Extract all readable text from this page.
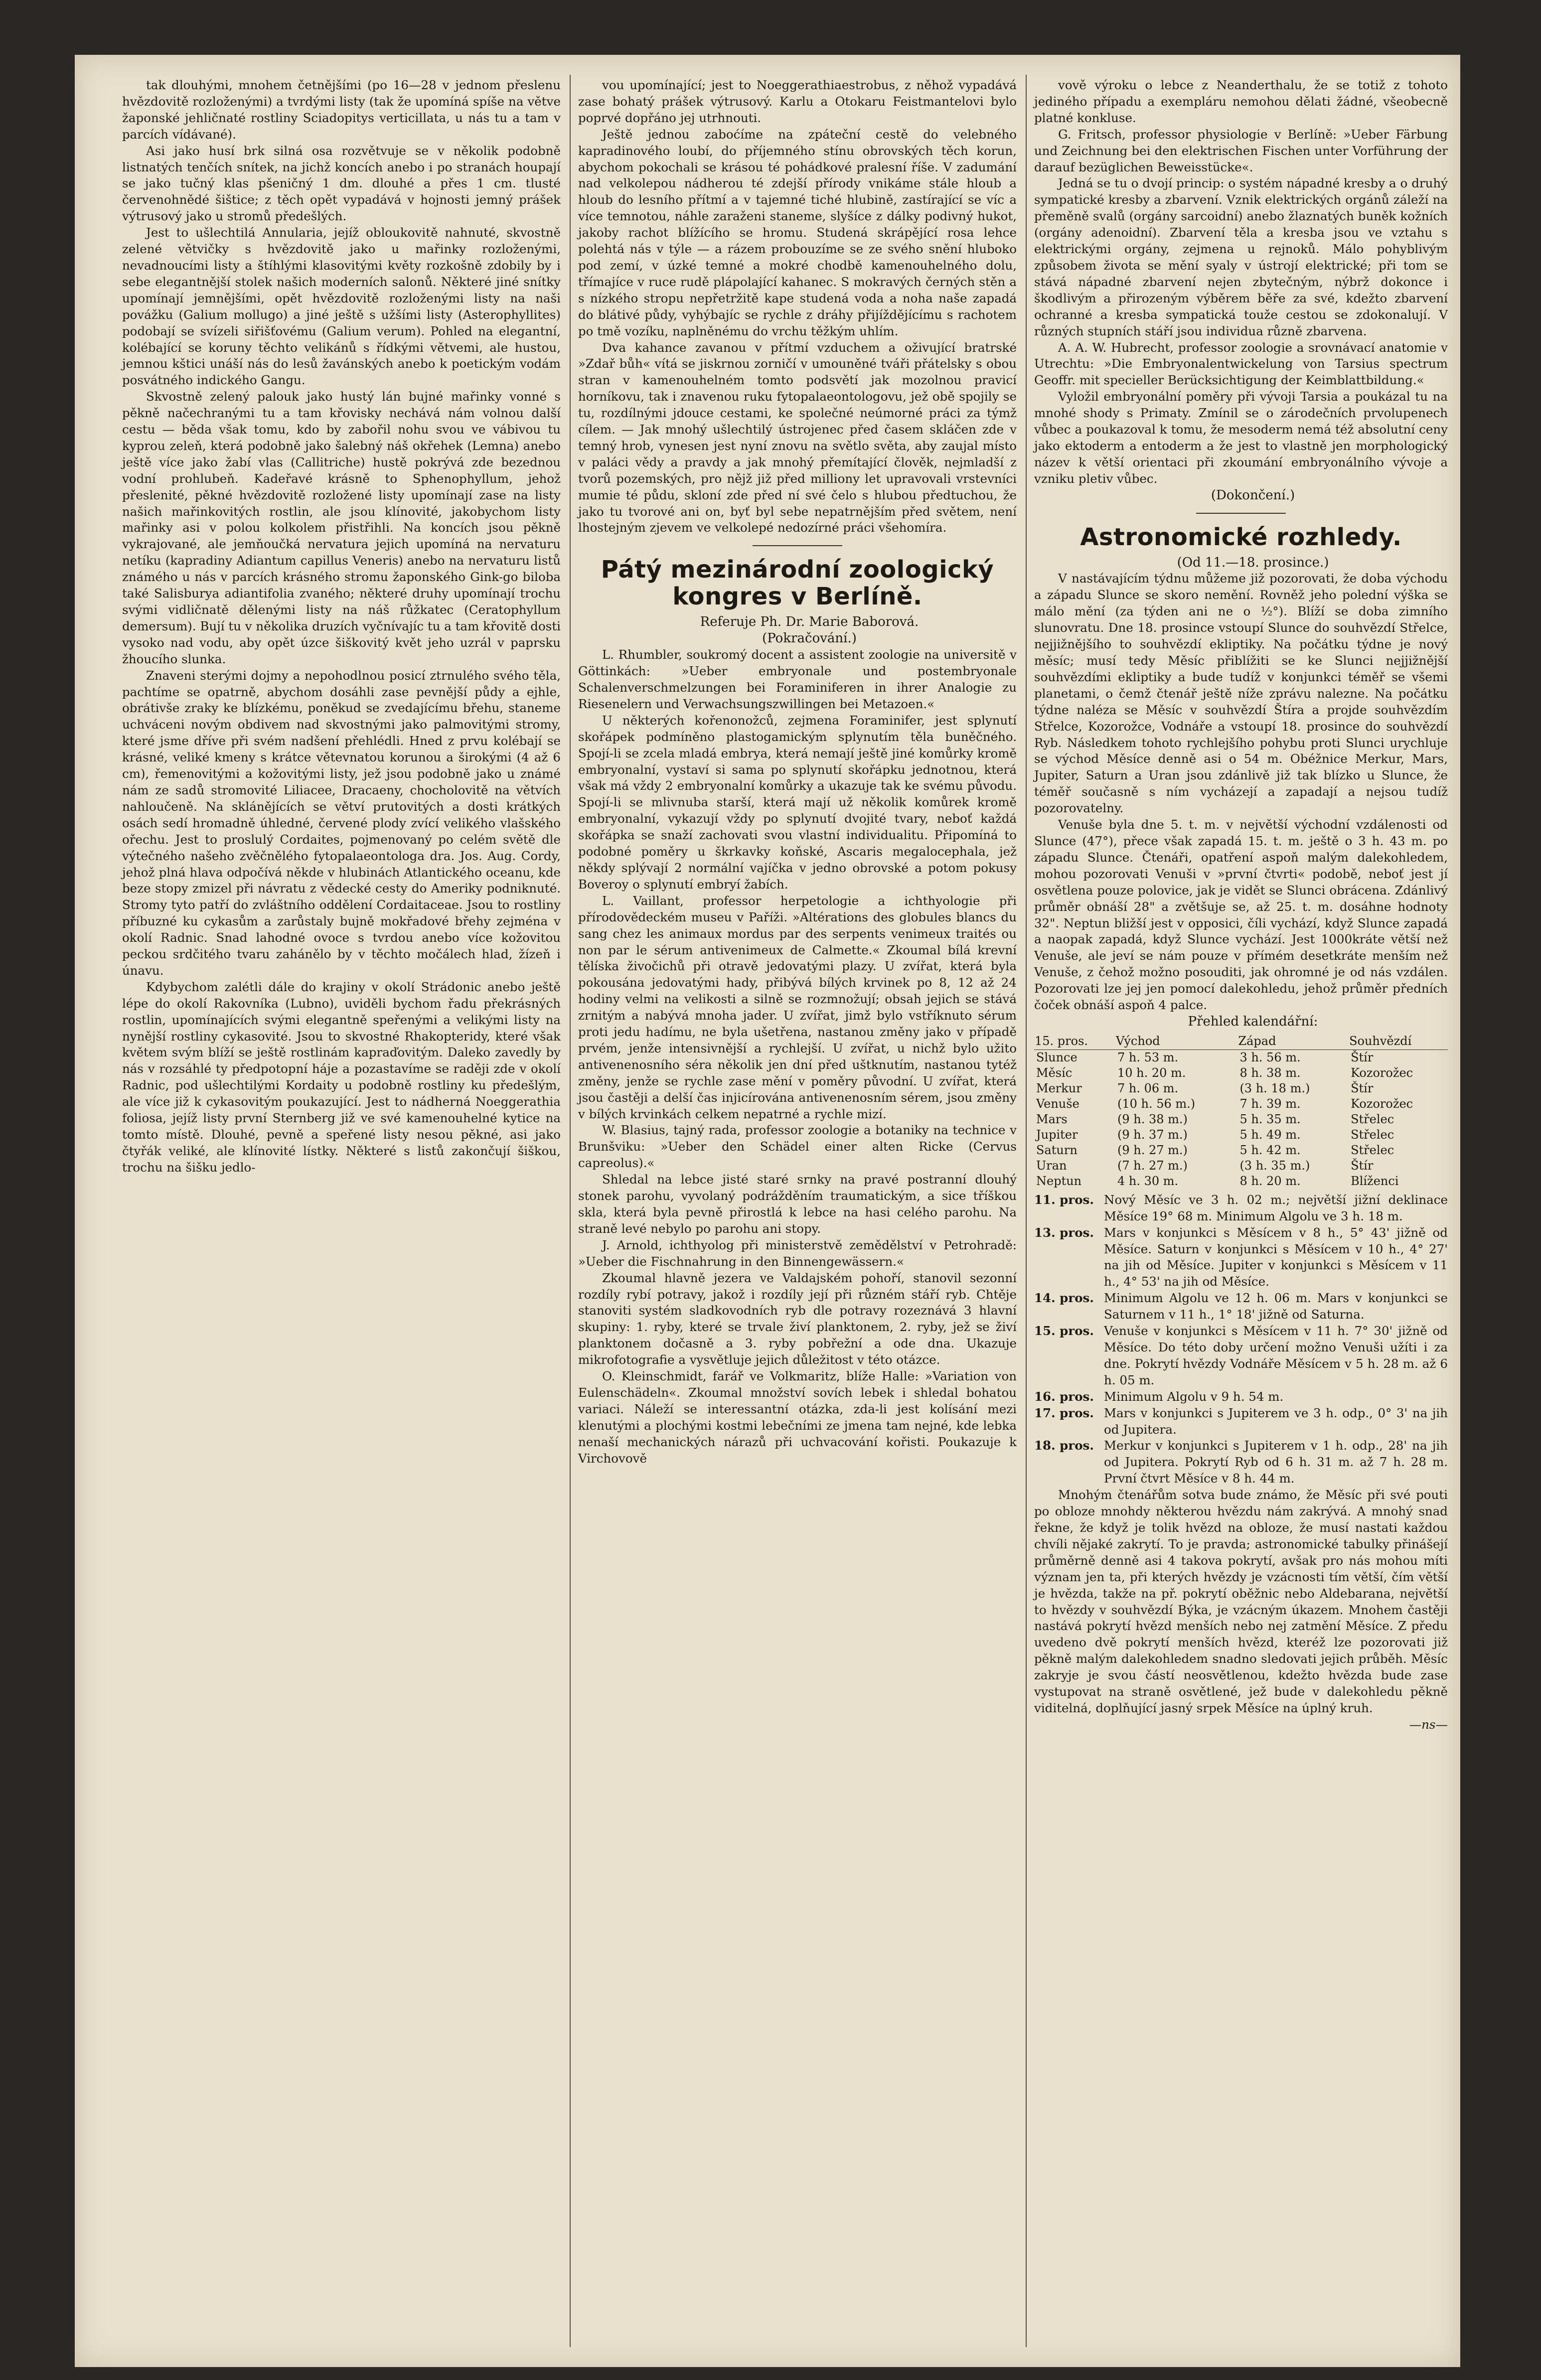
tak dlouhými, mnohem četnějšími (po 16—28 v jednom přeslenu hvězdovitě rozloženými) a tvrdými listy (tak že upomíná spíše na větve žaponské jehličnaté rostliny Sciadopitys verticillata, u nás tu a tam v parcích vídávané).

Asi jako husí brk silná osa rozvětvuje se v několik podobně listnatých tenčích snítek, na jichž koncích anebo i po stranách houpají se jako tučný klas pšeničný 1 dm. dlouhé a přes 1 cm. tlusté červenohnědé šištice; z těch opět vypadává v hojnosti jemný prášek výtrusový jako u stromů předešlých.

Jest to ušlechtilá Annularia, jejíž obloukovitě nahnuté, skvostně zelené větvičky s hvězdovitě jako u mařinky rozloženými, nevadnoucími listy a štíhlými klasovitými květy rozkošně zdobily by i sebe elegantnější stolek našich moderních salonů. Některé jiné snítky upomínají jemnějšími, opět hvězdovitě rozloženými listy na naši povážku (Galium mollugo) a jiné ještě s užšími listy (Asterophyllites) podobají se svízeli siřišťovému (Galium verum). Pohled na elegantní, kolébající se koruny těchto velikánů s řídkými větvemi, ale hustou, jemnou kštici unáší nás do lesů žavánských anebo k poetickým vodám posvátného indického Gangu.

Skvostně zelený palouk jako hustý lán bujné mařinky vonné s pěkně načechranými tu a tam křovisky nechává nám volnou další cestu — běda však tomu, kdo by zabořil nohu svou ve vábivou tu kyprou zeleň, která podobně jako šalebný náš okřehek (Lemna) anebo ještě více jako žabí vlas (Callitriche) hustě pokrývá zde bezednou vodní prohlubeň. Kadeřavé krásně to Sphenophyllum, jehož přeslenité, pěkné hvězdovitě rozložené listy upomínají zase na listy našich mařinkovitých rostlin, ale jsou klínovité, jakobychom listy mařinky asi v polou kolkolem přistřihli. Na koncích jsou pěkně vykrajované, ale jemňoučká nervatura jejich upomíná na nervaturu netíku (kapradiny Adiantum capillus Veneris) anebo na nervaturu listů známého u nás v parcích krásného stromu žaponského Gink-go biloba také Salisburya adiantifolia zvaného; některé druhy upomínají trochu svými vidličnatě dělenými listy na náš růžkatec (Ceratophyllum demersum). Bují tu v několika druzích vyčnívajíc tu a tam křovitě dosti vysoko nad vodu, aby opět úzce šiškovitý květ jeho uzrál v paprsku žhoucího slunka.

Znaveni sterými dojmy a nepohodlnou posicí ztrnulého svého těla, pachtíme se opatrně, abychom dosáhli zase pevnější půdy a ejhle, obrátivše zraky ke blízkému, poněkud se zvedajícímu břehu, staneme uchváceni novým obdivem nad skvostnými jako palmovitými stromy, které jsme dříve při svém nadšení přehlédli. Hned z prvu kolébají se krásné, veliké kmeny s krátce větevnatou korunou a širokými (4 až 6 cm), řemenovitými a kožovitými listy, jež jsou podobně jako u známé nám ze sadů stromovité Liliacee, Dracaeny, chocholovitě na větvích nahloučeně. Na sklánějících se větví prutovitých a dosti krátkých osách sedí hromadně úhledné, červené plody zvící velikého vlašského ořechu. Jest to proslulý Cordaites, pojmenovaný po celém světě dle výtečného našeho zvěčnělého fytopalaeontologa dra. Jos. Aug. Cordy, jehož plná hlava odpočívá někde v hlubinách Atlantického oceanu, kde beze stopy zmizel při návratu z vědecké cesty do Ameriky podniknuté. Stromy tyto patří do zvláštního oddělení Cordaitaceae. Jsou to rostliny příbuzné ku cykasům a zarůstaly bujně mokřadové břehy zejména v okolí Radnic. Snad lahodné ovoce s tvrdou anebo více kožovitou peckou srdčitého tvaru zahánělo by v těchto močálech hlad, žízeň i únavu.

Kdybychom zalétli dále do krajiny v okolí Strádonic anebo ještě lépe do okolí Rakovníka (Lubno), uviděli bychom řadu překrásných rostlin, upomínajících svými elegantně speřenými a velikými listy na nynější rostliny cykasovité. Jsou to skvostné Rhakopteridy, které však květem svým blíží se ještě rostlinám kapraďovitým. Daleko zavedly by nás v rozsáhlé ty předpotopní háje a pozastavíme se raději zde v okolí Radnic, pod ušlechtilými Kordaity u podobně rostliny ku předešlým, ale více již k cykasovitým poukazující. Jest to nádherná Noeggerathia foliosa, jejíž listy první Sternberg již ve své kamenouhelné kytice na tomto místě. Dlouhé, pevně a speřené listy nesou pěkné, asi jako čtyřák veliké, ale klínovité lístky. Některé s listů zakončují šiškou, trochu na šišku jedlo-

vou upomínající; jest to Noeggerathiaestrobus, z něhož vypadává zase bohatý prášek výtrusový. Karlu a Otokaru Feistmantelovi bylo poprvé dopřáno jej utrhnouti.

Ještě jednou zaboćíme na zpáteční cestě do velebného kapradinového loubí, do příjemného stínu obrovských těch korun, abychom pokochali se krásou té pohádkové pralesní říše. V zadumání nad velkolepou nádherou té zdejší přírody vnikáme stále hloub a hloub do lesního přítmí a v tajemné tiché hlubině, zastírající se víc a více temnotou, náhle zaraženi staneme, slyšíce z dálky podivný hukot, jakoby rachot blížícího se hromu. Studená skrápějící rosa lehce polehtá nás v týle — a rázem probouzíme se ze svého snění hluboko pod zemí, v úzké temné a mokré chodbě kamenouhelného dolu, třímajíce v ruce rudě plápolající kahanec. S mokravých černých stěn a s nízkého stropu nepřetržitě kape studená voda a noha naše zapadá do blátivé půdy, vyhýbajíc se rychle z dráhy přijíždějícímu s rachotem po tmě vozíku, naplněnému do vrchu těžkým uhlím.

Dva kahance zavanou v přítmí vzduchem a oživující bratrské »Zdař bůh« vítá se jiskrnou zorničí v umouněné tváři přátelsky s obou stran v kamenouhelném tomto podsvětí jak mozolnou pravicí horníkovu, tak i znavenou ruku fytopalaeontologovu, jež obě spojily se tu, rozdílnými jdouce cestami, ke společné neúmorné práci za týmž cílem. — Jak mnohý ušlechtilý ústrojenec před časem skláčen zde v temný hrob, vynesen jest nyní znovu na světlo světa, aby zaujal místo v paláci vědy a pravdy a jak mnohý přemítající člověk, nejmladší z tvorů pozemských, pro nějž již před milliony let upravovali vrstevníci mumie té půdu, skloní zde před ní své čelo s hlubou předtuchou, že jako tu tvorové ani on, byť byl sebe nepatrnějším před světem, není lhostejným zjevem ve velkolepé nedozírné práci všehomíra.

Pátý mezinárodní zoologický kongres v Berlíně.

Referuje Ph. Dr. Marie Baborová.

(Pokračování.)

L. Rhumbler, soukromý docent a assistent zoologie na universitě v Göttinkách: »Ueber embryonale und postembryonale Schalenverschmelzungen bei Foraminiferen in ihrer Analogie zu Riesenelern und Verwachsungszwillingen bei Metazoen.«

U některých kořenonožců, zejmena Foraminifer, jest splynutí skořápek podmíněno plastogamickým splynutím těla buněčného. Spojí-li se zcela mladá embrya, která nemají ještě jiné komůrky kromě embryonalní, vystaví si sama po splynutí skořápku jednotnou, která však má vždy 2 embryonalní komůrky a ukazuje tak ke svému původu. Spojí-li se mlivnuba starší, která mají už několik komůrek kromě embryonalní, vykazují vždy po splynutí dvojité tvary, neboť každá skořápka se snaží zachovati svou vlastní individualitu. Připomíná to podobné poměry u škrkavky koňské, Ascaris megalocephala, jež někdy splývají 2 normální vajíčka v jedno obrovské a potom pokusy Boveroy o splynutí embryí žabích.

L. Vaillant, professor herpetologie a ichthyologie při přírodovědeckém museu v Paříži. »Altérations des globules blancs du sang chez les animaux mordus par des serpents venimeux traités ou non par le sérum antivenimeux de Calmette.« Zkoumal bílá krevní tělíska živočichů při otravě jedovatými plazy. U zvířat, která byla pokousána jedovatými hady, přibývá bílých krvinek po 8, 12 až 24 hodiny velmi na velikosti a silně se rozmnožují; obsah jejich se stává zrnitým a nabývá mnoha jader. U zvířat, jimž bylo vstříknuto sérum proti jedu hadímu, ne byla ušetřena, nastanou změny jako v případě prvém, jenže intensivnější a rychlejší. U zvířat, u nichž bylo užito antivenenosního séra několik jen dní před uštknutím, nastanou tytéž změny, jenže se rychle zase mění v poměry původní. U zvířat, která jsou častěji a delší čas injicírována antivenenosním sérem, jsou změny v bílých krvinkách celkem nepatrné a rychle mizí.

W. Blasius, tajný rada, professor zoologie a botaniky na technice v Brunšviku: »Ueber den Schädel einer alten Ricke (Cervus capreolus).«

Shledal na lebce jisté staré srnky na pravé postranní dlouhý stonek parohu, vyvolaný podrážděním traumatickým, a sice tříškou skla, která byla pevně přirostlá k lebce na hasi celého parohu. Na straně levé nebylo po parohu ani stopy.

J. Arnold, ichthyolog při ministerstvě zemědělství v Petrohradě: »Ueber die Fischnahrung in den Binnengewässern.«

Zkoumal hlavně jezera ve Valdajském pohoří, stanovil sezonní rozdíly rybí potravy, jakož i rozdíly její při různém stáří ryb. Chtěje stanoviti systém sladkovodních ryb dle potravy rozeznává 3 hlavní skupiny: 1. ryby, které se trvale živí planktonem, 2. ryby, jež se živí planktonem dočasně a 3. ryby pobřežní a ode dna. Ukazuje mikrofotografie a vysvětluje jejich důležitost v této otázce.

O. Kleinschmidt, farář ve Volkmaritz, blíže Halle: »Variation von Eulenschädeln«. Zkoumal množství sovích lebek i shledal bohatou variaci. Náleží se interessantní otázka, zda-li jest kolísání mezi klenutými a plochými kostmi lebečními ze jmena tam nejné, kde lebka nenaší mechanických nárazů při uchvacování kořisti. Poukazuje k Virchovově

vově výroku o lebce z Neanderthalu, že se totiž z tohoto jediného případu a exempláru nemohou dělati žádné, všeobecně platné konkluse.

G. Fritsch, professor physiologie v Berlíně: »Ueber Färbung und Zeichnung bei den elektrischen Fischen unter Vorführung der darauf bezüglichen Beweisstücke«.

Jedná se tu o dvojí princip: o systém nápadné kresby a o druhý sympatické kresby a zbarvení. Vznik elektrických orgánů záleží na přeměně svalů (orgány sarcoidní) anebo žlaznatých buněk kožních (orgány adenoidní). Zbarvení těla a kresba jsou ve vztahu s elektrickými orgány, zejmena u rejnoků. Málo pohyblivým způsobem života se mění syaly v ústrojí elektrické; při tom se stává nápadné zbarvení nejen zbytečným, nýbrž dokonce i škodlivým a přirozeným výběrem běře za své, kdežto zbarvení ochranné a kresba sympatická touže cestou se zdokonalují. V různých stupních stáří jsou individua různě zbarvena.

A. A. W. Hubrecht, professor zoologie a srovnávací anatomie v Utrechtu: »Die Embryonalentwickelung von Tarsius spectrum Geoffr. mit specieller Berücksichtigung der Keimblattbildung.«

Vyložil embryonální poměry při vývoji Tarsia a poukázal tu na mnohé shody s Primaty. Zmínil se o zárodečních prvolupenech vůbec a poukazoval k tomu, že mesoderm nemá též absolutní ceny jako ektoderm a entoderm a že jest to vlastně jen morphologický název k větší orientaci při zkoumání embryonálního vývoje a vzniku pletiv vůbec.

(Dokončení.)

Astronomické rozhledy.

(Od 11.—18. prosince.)

V nastávajícím týdnu můžeme již pozorovati, že doba východu a západu Slunce se skoro nemění. Rovněž jeho polední výška se málo mění (za týden ani ne o ½°). Blíží se doba zimního slunovratu. Dne 18. prosince vstoupí Slunce do souhvězdí Střelce, nejjižnějšího to souhvězdí ekliptiky. Na počátku týdne je nový měsíc; musí tedy Měsíc přiblížiti se ke Slunci nejjižnější souhvězdími ekliptiky a bude tudíž v konjunkci téměř se všemi planetami, o čemž čtenář ještě níže zprávu nalezne. Na počátku týdne naléza se Měsíc v souhvězdí Štíra a projde souhvězdím Střelce, Kozorožce, Vodnáře a vstoupí 18. prosince do souhvězdí Ryb. Následkem tohoto rychlejšího pohybu proti Slunci urychluje se východ Měsíce denně asi o 54 m. Obéžnice Merkur, Mars, Jupiter, Saturn a Uran jsou zdánlivě již tak blízko u Slunce, že téměř současně s ním vycházejí a zapadají a nejsou tudíž pozorovatelny.

Venuše byla dne 5. t. m. v největší východní vzdálenosti od Slunce (47°), přece však zapadá 15. t. m. ještě o 3 h. 43 m. po západu Slunce. Čtenáři, opatření aspoň malým dalekohledem, mohou pozorovati Venuši v »první čtvrti« podobě, neboť jest jí osvětlena pouze polovice, jak je vidět se Slunci obrácena. Zdánlivý průměr obnáší 28" a zvětšuje se, až 25. t. m. dosáhne hodnoty 32". Neptun bližší jest v opposici, číli vychází, když Slunce zapadá a naopak zapadá, když Slunce vychází. Jest 1000kráte větší než Venuše, ale jeví se nám pouze v přímém desetkráte menším než Venuše, z čehož možno posouditi, jak ohromné je od nás vzdálen. Pozorovati lze jej jen pomocí dalekohledu, jehož průměr předních čoček obnáší aspoň 4 palce.

Přehled kalendářní:

15. pros.	Východ	Západ	Souhvězdí
Slunce	7 h. 53 m.	3 h. 56 m.	Štír
Měsíc	10 h. 20 m.	8 h. 38 m.	Kozorožec
Merkur	7 h. 06 m.	(3 h. 18 m.)	Štír
Venuše	(10 h. 56 m.)	7 h. 39 m.	Kozorožec
Mars	(9 h. 38 m.)	5 h. 35 m.	Střelec
Jupiter	(9 h. 37 m.)	5 h. 49 m.	Střelec
Saturn	(9 h. 27 m.)	5 h. 42 m.	Střelec
Uran	(7 h. 27 m.)	(3 h. 35 m.)	Štír
Neptun	4 h. 30 m.	8 h. 20 m.	Blíženci
11. pros. Nový Měsíc ve 3 h. 02 m.; největší jižní deklinace Měsíce 19° 68 m. Minimum Algolu ve 3 h. 18 m.
13. pros. Mars v konjunkci s Měsícem v 8 h., 5° 43' jižně od Měsíce. Saturn v konjunkci s Měsícem v 10 h., 4° 27' na jih od Měsíce. Jupiter v konjunkci s Měsícem v 11 h., 4° 53' na jih od Měsíce.
14. pros. Minimum Algolu ve 12 h. 06 m. Mars v konjunkci se Saturnem v 11 h., 1° 18' jižně od Saturna.
15. pros. Venuše v konjunkci s Měsícem v 11 h. 7° 30' jižně od Měsíce. Do této doby určení možno Venuši užíti i za dne. Pokrytí hvězdy Vodnáře Měsícem v 5 h. 28 m. až 6 h. 05 m.
16. pros. Minimum Algolu v 9 h. 54 m.
17. pros. Mars v konjunkci s Jupiterem ve 3 h. odp., 0° 3' na jih od Jupitera.
18. pros. Merkur v konjunkci s Jupiterem v 1 h. odp., 28' na jih od Jupitera. Pokrytí Ryb od 6 h. 31 m. až 7 h. 28 m. První čtvrt Měsíce v 8 h. 44 m.

Mnohým čtenářům sotva bude známo, že Měsíc při své pouti po obloze mnohdy některou hvězdu nám zakrývá. A mnohý snad řekne, že když je tolik hvězd na obloze, že musí nastati každou chvíli nějaké zakrytí. To je pravda; astronomické tabulky přinášejí průměrně denně asi 4 takova pokrytí, avšak pro nás mohou míti význam jen ta, při kterých hvězdy je vzácnosti tím větší, čím větší je hvězda, takže na př. pokrytí oběžnic nebo Aldebarana, největší to hvězdy v souhvězdí Býka, je vzácným úkazem. Mnohem častěji nastává pokrytí hvězd menších nebo nej zatmění Měsíce. Z předu uvedeno dvě pokrytí menších hvězd, kteréž lze pozorovati již pěkně malým dalekohledem snadno sledovati jejich průběh. Měsíc zakryje je svou částí neosvětlenou, kdežto hvězda bude zase vystupovat na straně osvětlené, jež bude v dalekohledu pěkně viditelná, doplňující jasný srpek Měsíce na úplný kruh.

—ns—
